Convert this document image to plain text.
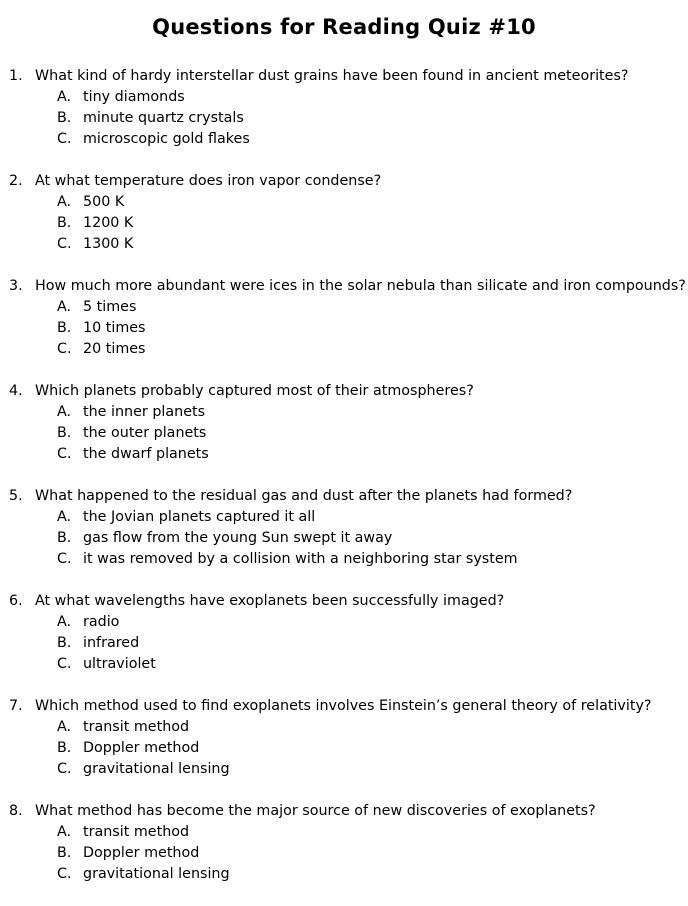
Questions for Reading Quiz #10
1. What kind of hardy interstellar dust grains have been found in ancient meteorites?
A. tiny diamonds
B. minute quartz crystals
C. microscopic gold flakes
2. At what temperature does iron vapor condense?
A. 500 K
B. 1200 K
C. 1300 K
3. How much more abundant were ices in the solar nebula than silicate and iron compounds?
A. 5 times
B. 10 times
C. 20 times
4. Which planets probably captured most of their atmospheres?
A. the inner planets
B. the outer planets
C. the dwarf planets
5. What happened to the residual gas and dust after the planets had formed?
A. the Jovian planets captured it all
B. gas flow from the young Sun swept it away
C. it was removed by a collision with a neighboring star system
6. At what wavelengths have exoplanets been successfully imaged?
A. radio
B. infrared
C. ultraviolet
7. Which method used to find exoplanets involves Einstein’s general theory of relativity?
A. transit method
B. Doppler method
C. gravitational lensing
8. What method has become the major source of new discoveries of exoplanets?
A. transit method
B. Doppler method
C. gravitational lensing
